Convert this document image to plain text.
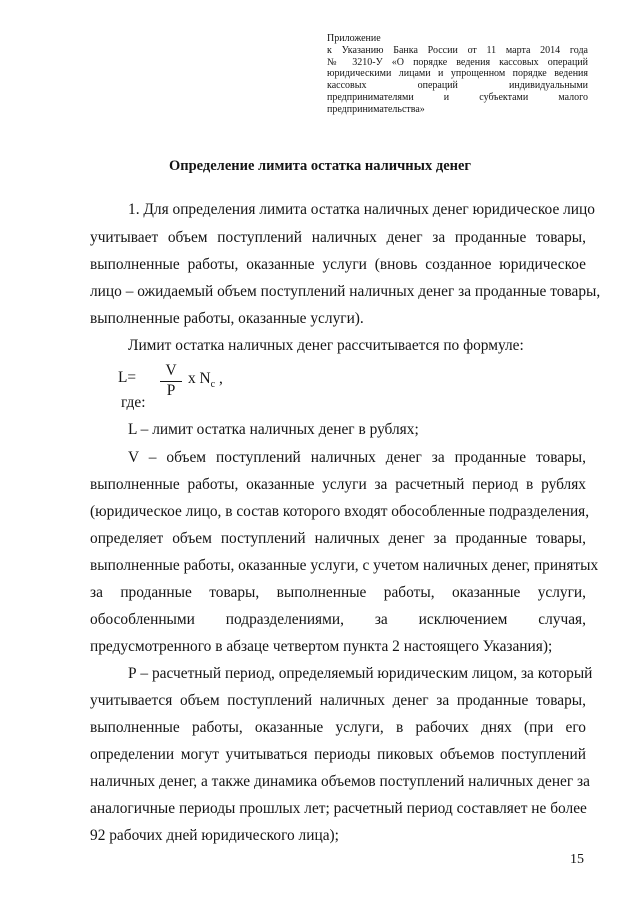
Приложение
к Указанию Банка России от 11 марта 2014 года
№ 3210-У «О порядке ведения кассовых операций
юридическими лицами и упрощенном порядке ведения
кассовых операций индивидуальными
предпринимателями и субъектами малого
предпринимательства»
Определение лимита остатка наличных денег
1. Для определения лимита остатка наличных денег юридическое лицо
учитывает объем поступлений наличных денег за проданные товары,
выполненные работы, оказанные услуги (вновь созданное юридическое
лицо – ожидаемый объем поступлений наличных денег за проданные товары,
выполненные работы, оказанные услуги).
Лимит остатка наличных денег рассчитывается по формуле:
L= V
P
x $N_c$ ,
где:
L – лимит остатка наличных денег в рублях;
V – объем поступлений наличных денег за проданные товары,
выполненные работы, оказанные услуги за расчетный период в рублях
(юридическое лицо, в состав которого входят обособленные подразделения,
определяет объем поступлений наличных денег за проданные товары,
выполненные работы, оказанные услуги, с учетом наличных денег, принятых
за проданные товары, выполненные работы, оказанные услуги,
обособленными подразделениями, за исключением случая,
предусмотренного в абзаце четвертом пункта 2 настоящего Указания);
Р – расчетный период, определяемый юридическим лицом, за который
учитывается объем поступлений наличных денег за проданные товары,
выполненные работы, оказанные услуги, в рабочих днях (при его
определении могут учитываться периоды пиковых объемов поступлений
наличных денег, а также динамика объемов поступлений наличных денег за
аналогичные периоды прошлых лет; расчетный период составляет не более
92 рабочих дней юридического лица);
15
